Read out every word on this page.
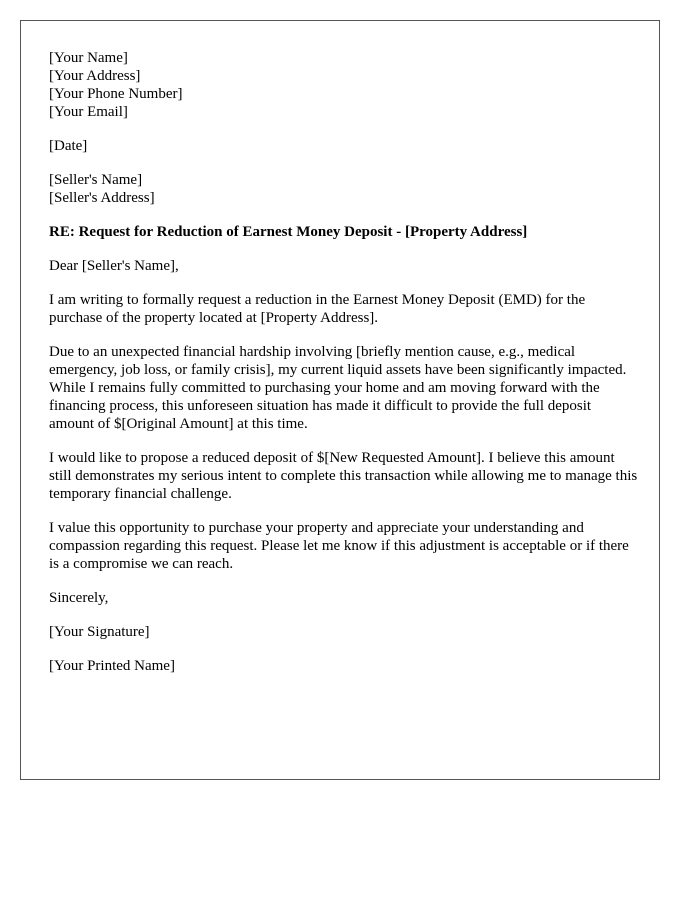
[Your Name]
[Your Address]
[Your Phone Number]
[Your Email]
[Date]
[Seller's Name]
[Seller's Address]
RE: Request for Reduction of Earnest Money Deposit - [Property Address]

Dear [Seller's Name],

I am writing to formally request a reduction in the Earnest Money Deposit (EMD) for the purchase of the property located at [Property Address].

Due to an unexpected financial hardship involving [briefly mention cause, e.g., medical emergency, job loss, or family crisis], my current liquid assets have been significantly impacted. While I remains fully committed to purchasing your home and am moving forward with the financing process, this unforeseen situation has made it difficult to provide the full deposit amount of $[Original Amount] at this time.

I would like to propose a reduced deposit of $[New Requested Amount]. I believe this amount still demonstrates my serious intent to complete this transaction while allowing me to manage this temporary financial challenge.

I value this opportunity to purchase your property and appreciate your understanding and compassion regarding this request. Please let me know if this adjustment is acceptable or if there is a compromise we can reach.

Sincerely,

[Your Signature]

[Your Printed Name]
